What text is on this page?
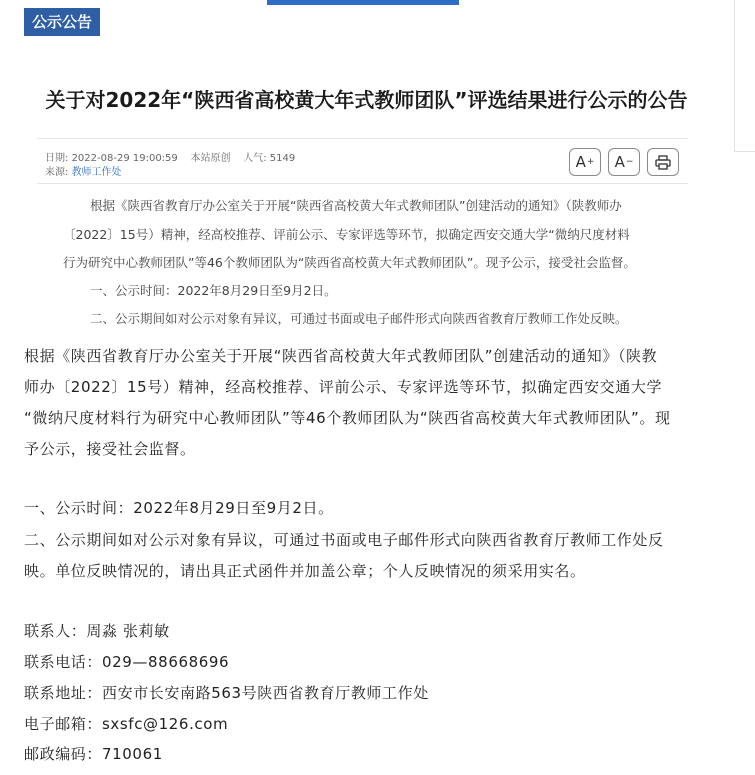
公示公告
关于对2022年“陕西省高校黄大年式教师团队”评选结果进行公示的公告
日期: 2022-08-29 19:00:59 本站原创 人气: 5149
来源: 教师工作处
A + A −

根据《陕西省教育厅办公室关于开展“陕西省高校黄大年式教师团队”创建活动的通知》（陕教师办

〔2022〕15号）精神，经高校推荐、评前公示、专家评选等环节，拟确定西安交通大学“微纳尺度材料

行为研究中心教师团队”等46个教师团队为“陕西省高校黄大年式教师团队”。现予公示，接受社会监督。

一、公示时间：2022年8月29日至9月2日。

二、公示期间如对公示对象有异议，可通过书面或电子邮件形式向陕西省教育厅教师工作处反映。

根据《陕西省教育厅办公室关于开展“陕西省高校黄大年式教师团队”创建活动的通知》（陕教

师办〔2022〕15号）精神，经高校推荐、评前公示、专家评选等环节，拟确定西安交通大学

“微纳尺度材料行为研究中心教师团队”等46个教师团队为“陕西省高校黄大年式教师团队”。现

予公示，接受社会监督。

一、公示时间：2022年8月29日至9月2日。

二、公示期间如对公示对象有异议，可通过书面或电子邮件形式向陕西省教育厅教师工作处反

映。单位反映情况的，请出具正式函件并加盖公章；个人反映情况的须采用实名。

联系人：周淼 张莉敏

联系电话：029—88668696

联系地址：西安市长安南路563号陕西省教育厅教师工作处

电子邮箱：sxsfc@126.com

邮政编码：710061
